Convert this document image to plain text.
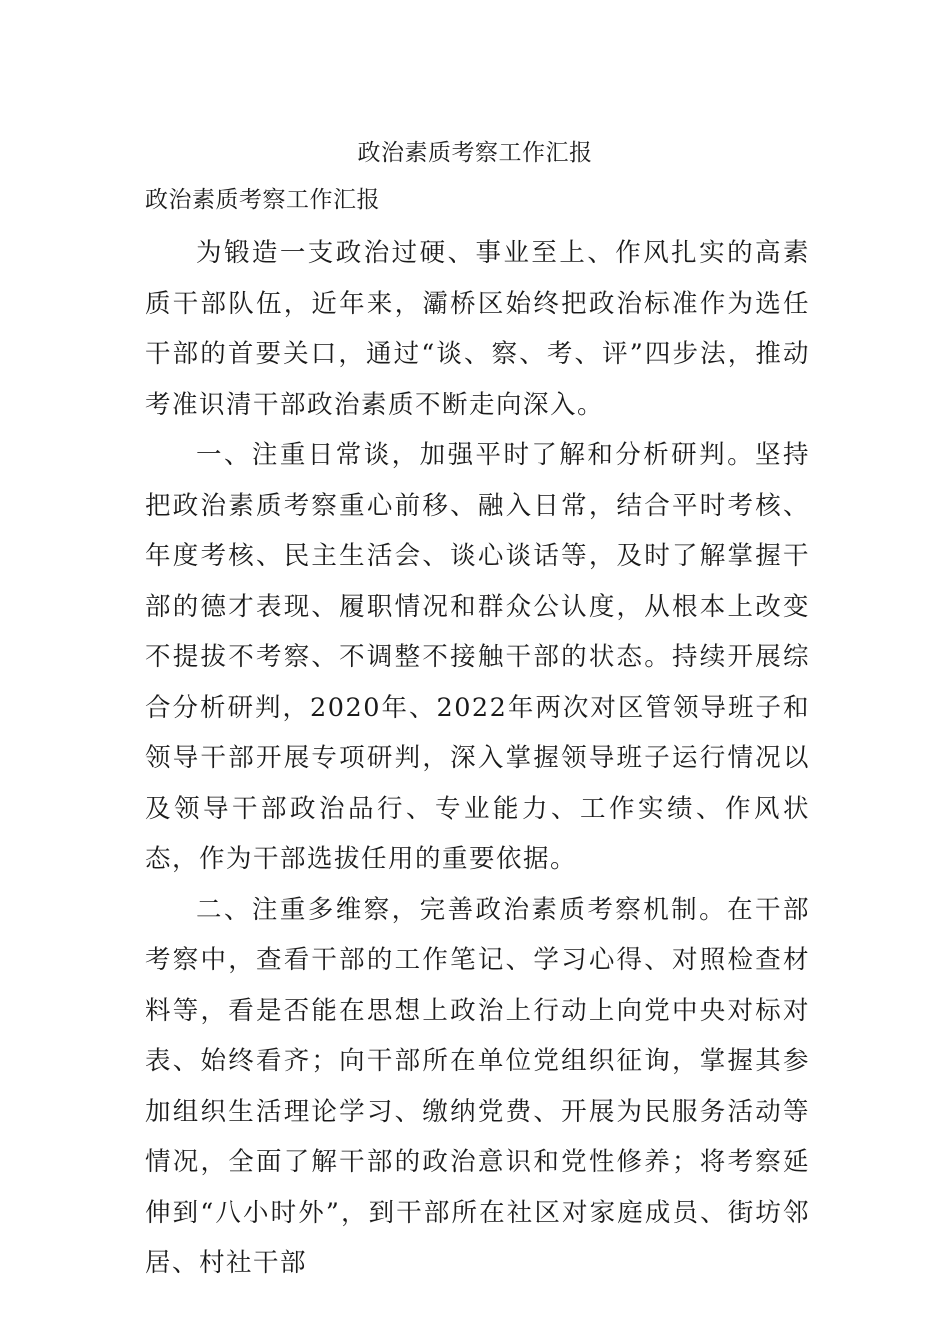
政治素质考察工作汇报

政治素质考察工作汇报

为锻造一支政治过硬、事业至上、作风扎实的高素质干部队伍，近年来，灞桥区始终把政治标准作为选任干部的首要关口，通过“谈、察、考、评”四步法，推动考准识清干部政治素质不断走向深入。

一、注重日常谈，加强平时了解和分析研判。坚持把政治素质考察重心前移、融入日常，结合平时考核、年度考核、民主生活会、谈心谈话等，及时了解掌握干部的德才表现、履职情况和群众公认度，从根本上改变不提拔不考察、不调整不接触干部的状态。持续开展综合分析研判，2020年、2022年两次对区管领导班子和领导干部开展专项研判，深入掌握领导班子运行情况以及领导干部政治品行、专业能力、工作实绩、作风状态，作为干部选拔任用的重要依据。

二、注重多维察，完善政治素质考察机制。在干部考察中，查看干部的工作笔记、学习心得、对照检查材料等，看是否能在思想上政治上行动上向党中央对标对表、始终看齐；向干部所在单位党组织征询，掌握其参加组织生活理论学习、缴纳党费、开展为民服务活动等情况，全面了解干部的政治意识和党性修养；将考察延伸到“八小时外”，到干部所在社区对家庭成员、街坊邻居、村社干部
